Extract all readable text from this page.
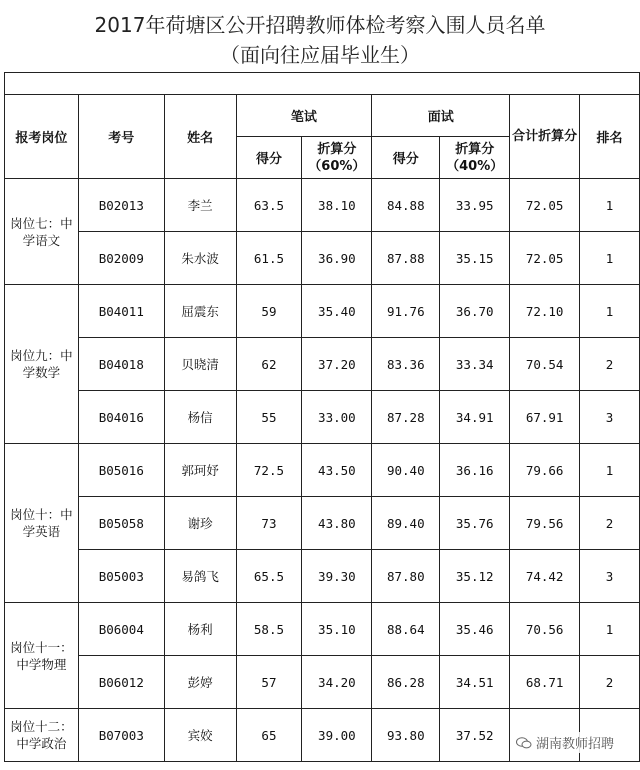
2017年荷塘区公开招聘教师体检考察入围人员名单
（面向往应届毕业生）

报考岗位	考号	姓名	笔试		面试		合计折算分	排名
			得分	折算分（60%）	得分	折算分（40%）		
岗位七：中学语文	B02013	李兰	63.5	38.10	84.88	33.95	72.05	1
	B02009	朱水波	61.5	36.90	87.88	35.15	72.05	1
岗位九：中学数学	B04011	屈震东	59	35.40	91.76	36.70	72.10	1
	B04018	贝晓清	62	37.20	83.36	33.34	70.54	2
	B04016	杨信	55	33.00	87.28	34.91	67.91	3
岗位十：中学英语	B05016	郭珂妤	72.5	43.50	90.40	36.16	79.66	1
	B05058	谢珍	73	43.80	89.40	35.76	79.56	2
	B05003	易鸽飞	65.5	39.30	87.80	35.12	74.42	3
岗位十一：中学物理	B06004	杨利	58.5	35.10	88.64	35.46	70.56	1
	B06012	彭婷	57	34.20	86.28	34.51	68.71	2
岗位十二：中学政治	B07003	宾姣	65	39.00	93.80	37.52		
湖南教师招聘
